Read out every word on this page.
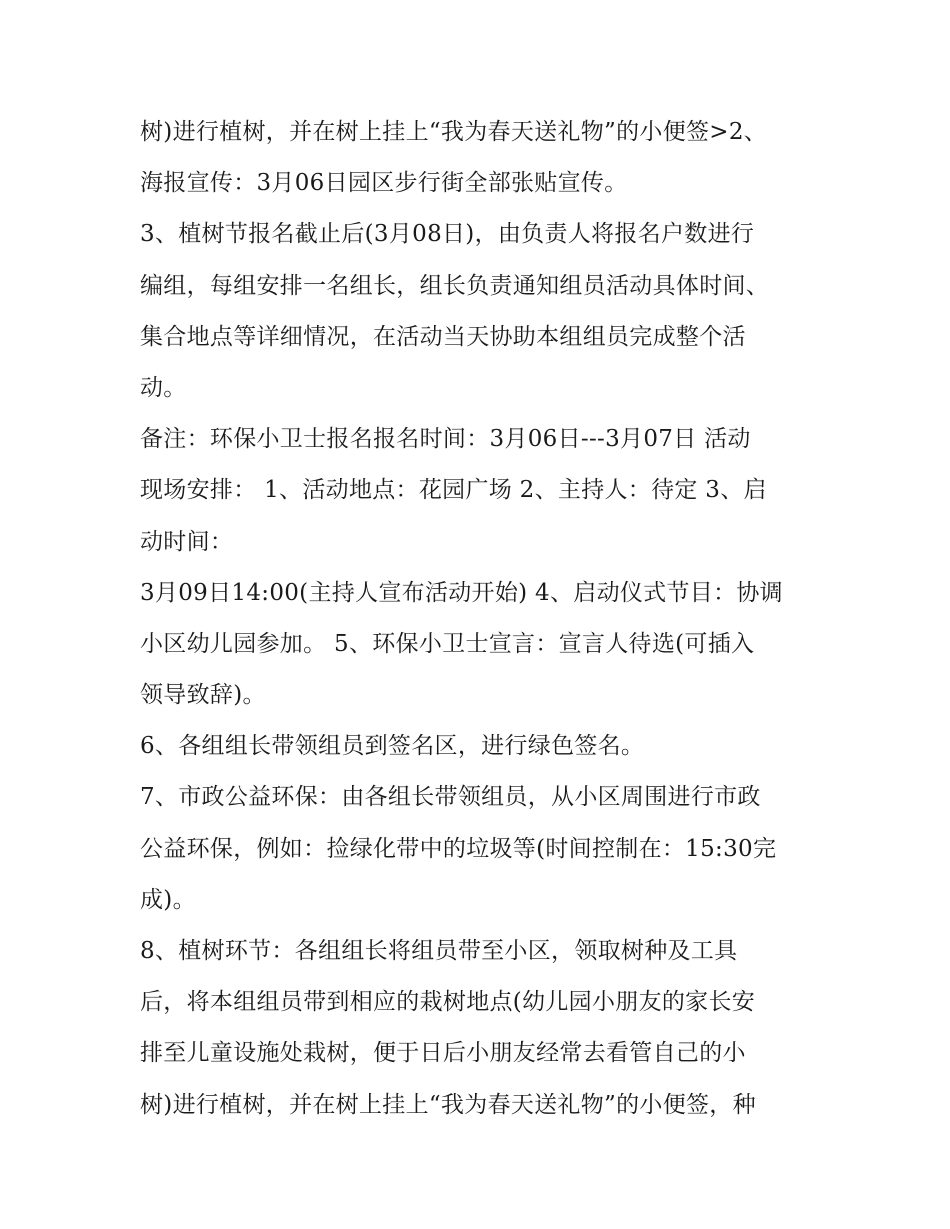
树)进行植树，并在树上挂上“我为春天送礼物”的小便签>2、
海报宣传：3月06日园区步行街全部张贴宣传。
3、植树节报名截止后(3月08日)，由负责人将报名户数进行
编组，每组安排一名组长，组长负责通知组员活动具体时间、
集合地点等详细情况，在活动当天协助本组组员完成整个活
动。
备注：环保小卫士报名报名时间：3月06日---3月07日 活动
现场安排： 1、活动地点：花园广场 2、主持人：待定 3、启
动时间：
3月09日14:00(主持人宣布活动开始) 4、启动仪式节目：协调
小区幼儿园参加。 5、环保小卫士宣言：宣言人待选(可插入
领导致辞)。
6、各组组长带领组员到签名区，进行绿色签名。
7、市政公益环保：由各组长带领组员，从小区周围进行市政
公益环保，例如：捡绿化带中的垃圾等(时间控制在：15:30完
成)。
8、植树环节：各组组长将组员带至小区，领取树种及工具
后，将本组组员带到相应的栽树地点(幼儿园小朋友的家长安
排至儿童设施处栽树，便于日后小朋友经常去看管自己的小
树)进行植树，并在树上挂上“我为春天送礼物”的小便签，种
